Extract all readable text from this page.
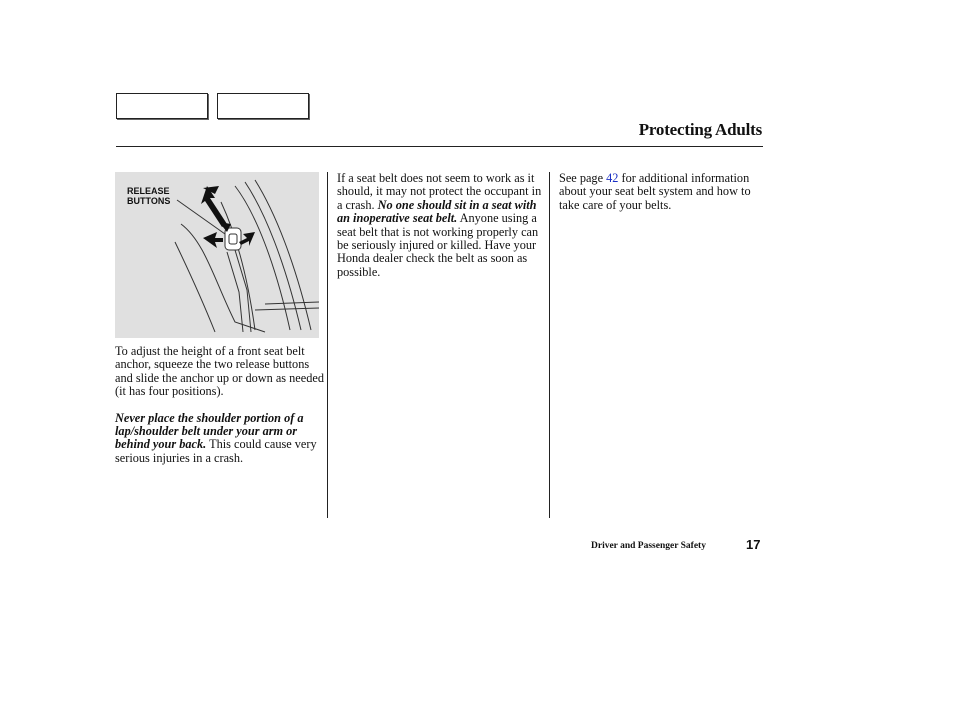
Protecting Adults
RELEASE
BUTTONS

To adjust the height of a front seat belt anchor, squeeze the two release buttons and slide the anchor up or down as needed (it has four positions).

Never place the shoulder portion of a lap/shoulder belt under your arm or behind your back. This could cause very serious injuries in a crash.

If a seat belt does not seem to work as it should, it may not protect the occupant in a crash. No one should sit in a seat with an inoperative seat belt. Anyone using a seat belt that is not working properly can be seriously injured or killed. Have your Honda dealer check the belt as soon as possible.

See page 42 for additional information about your seat belt system and how to take care of your belts.

Driver and Passenger Safety	17
